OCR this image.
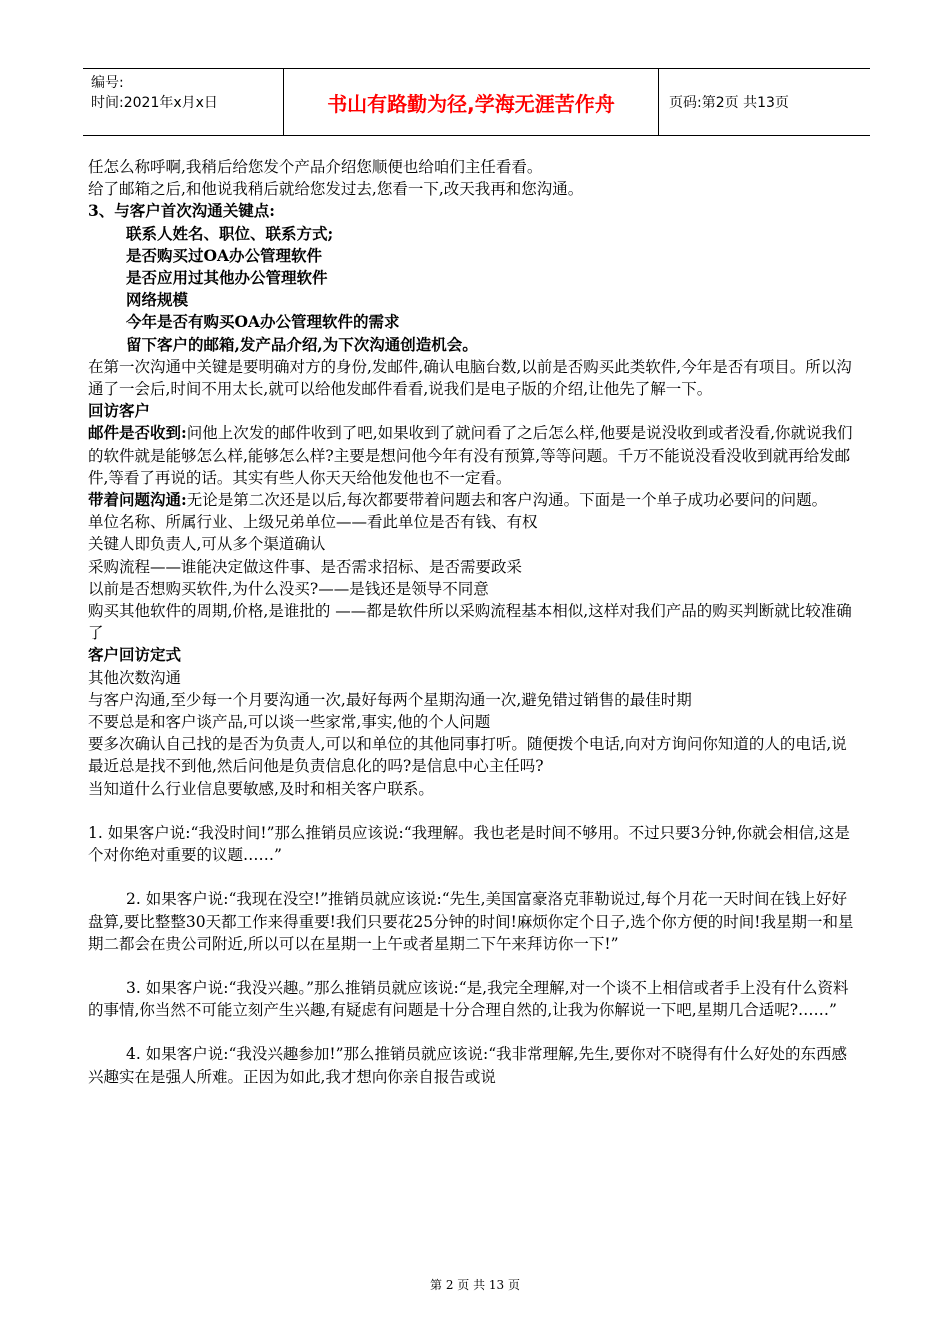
编号:
时间:2021年x月x日	书山有路勤为径,学海无涯苦作舟	页码:第2页 共13页

任怎么称呼啊,我稍后给您发个产品介绍您顺便也给咱们主任看看。

给了邮箱之后,和他说我稍后就给您发过去,您看一下,改天我再和您沟通。

3、与客户首次沟通关键点:

联系人姓名、职位、联系方式;

是否购买过OA办公管理软件

是否应用过其他办公管理软件

网络规模

今年是否有购买OA办公管理软件的需求

留下客户的邮箱,发产品介绍,为下次沟通创造机会。

在第一次沟通中关键是要明确对方的身份,发邮件,确认电脑台数,以前是否购买此类软件,今年是否有项目。所以沟通了一会后,时间不用太长,就可以给他发邮件看看,说我们是电子版的介绍,让他先了解一下。

回访客户

邮件是否收到:问他上次发的邮件收到了吧,如果收到了就问看了之后怎么样,他要是说没收到或者没看,你就说我们的软件就是能够怎么样,能够怎么样?主要是想问他今年有没有预算,等等问题。千万不能说没看没收到就再给发邮件,等看了再说的话。其实有些人你天天给他发他也不一定看。

带着问题沟通:无论是第二次还是以后,每次都要带着问题去和客户沟通。下面是一个单子成功必要问的问题。

单位名称、所属行业、上级兄弟单位——看此单位是否有钱、有权

关键人即负责人,可从多个渠道确认

采购流程——谁能决定做这件事、是否需求招标、是否需要政采

以前是否想购买软件,为什么没买?——是钱还是领导不同意

购买其他软件的周期,价格,是谁批的 ——都是软件所以采购流程基本相似,这样对我们产品的购买判断就比较准确了

客户回访定式

其他次数沟通

与客户沟通,至少每一个月要沟通一次,最好每两个星期沟通一次,避免错过销售的最佳时期

不要总是和客户谈产品,可以谈一些家常,事实,他的个人问题

要多次确认自己找的是否为负责人,可以和单位的其他同事打听。随便拨个电话,向对方询问你知道的人的电话,说最近总是找不到他,然后问他是负责信息化的吗?是信息中心主任吗?

当知道什么行业信息要敏感,及时和相关客户联系。

1. 如果客户说:“我没时间!”那么推销员应该说:“我理解。我也老是时间不够用。不过只要3分钟,你就会相信,这是个对你绝对重要的议题……”

2. 如果客户说:“我现在没空!”推销员就应该说:“先生,美国富豪洛克菲勒说过,每个月花一天时间在钱上好好盘算,要比整整30天都工作来得重要!我们只要花25分钟的时间!麻烦你定个日子,选个你方便的时间!我星期一和星期二都会在贵公司附近,所以可以在星期一上午或者星期二下午来拜访你一下!”

3. 如果客户说:“我没兴趣。”那么推销员就应该说:“是,我完全理解,对一个谈不上相信或者手上没有什么资料的事情,你当然不可能立刻产生兴趣,有疑虑有问题是十分合理自然的,让我为你解说一下吧,星期几合适呢?……”

4. 如果客户说:“我没兴趣参加!”那么推销员就应该说:“我非常理解,先生,要你对不晓得有什么好处的东西感兴趣实在是强人所难。正因为如此,我才想向你亲自报告或说

第 2 页 共 13 页
